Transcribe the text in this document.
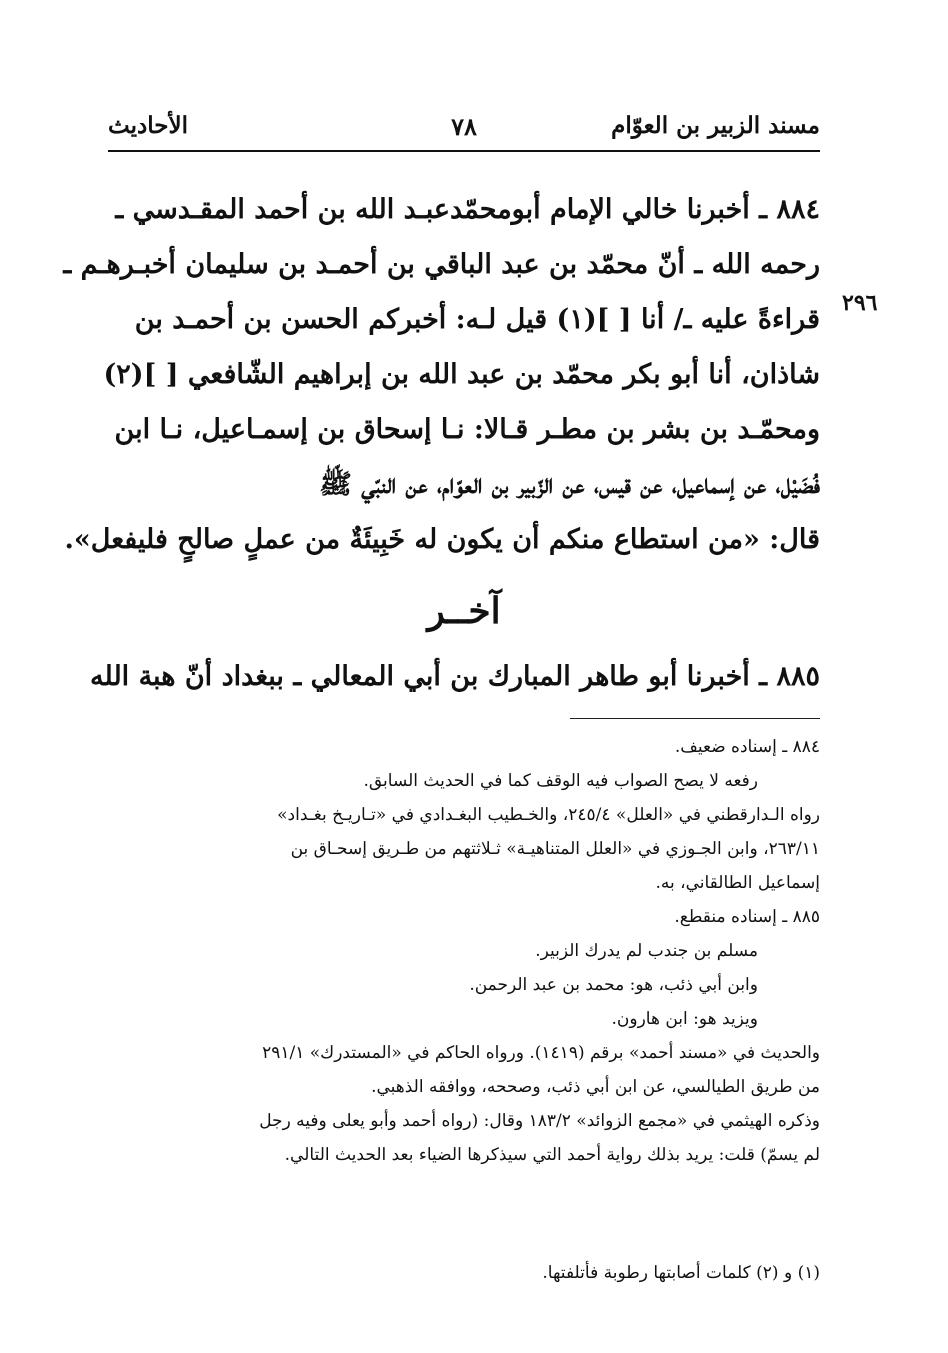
مسند الزبير بن العوّام
٧٨
الأحاديث
٨٨٤ ـ أخبرنا خالي الإمام أبومحمّدعبـد الله بن أحمد المقـدسي ـ
رحمه الله ـ أنّ محمّد بن عبد الباقي بن أحمـد بن سليمان أخبـرهـم ـ
قراءةً عليه ـ/ أنا [ ](١) قيل لـه: أخبركم الحسن بن أحمـد بن
شاذان، أنا أبو بكر محمّد بن عبد الله بن إبراهيم الشّافعي [ ](٢)
ومحمّـد بن بشر بن مطـر قـالا: نـا إسحاق بن إسمـاعيل، نـا ابن
فُضَيْل، عن إسماعيل، عن قيس، عن الزّبير بن العوّام، عن النبّي ﷺ
قال: «من استطاع منكم أن يكون له خَبِيئَةٌ من عملٍ صالحٍ فليفعل».
٢٩٦
آخــر
٨٨٥ ـ أخبرنا أبو طاهر المبارك بن أبي المعالي ـ ببغداد أنّ هبة الله
٨٨٤ ـ إسناده ضعيف.
رفعه لا يصح الصواب فيه الوقف كما في الحديث السابق.
رواه الـدارقطني في «العلل» ٢٤٥/٤، والخـطيب البغـدادي في «تـاريـخ بغـداد»
٢٦٣/١١، وابن الجـوزي في «العلل المتناهيـة» ثـلاثتهم من طـريق إسحـاق بن
إسماعيل الطالقاني، به.
٨٨٥ ـ إسناده منقطع.
مسلم بن جندب لم يدرك الزبير.
وابن أبي ذئب، هو: محمد بن عبد الرحمن.
ويزيد هو: ابن هارون.
والحديث في «مسند أحمد» برقم (١٤١٩). ورواه الحاكم في «المستدرك» ٢٩١/١
من طريق الطيالسي، عن ابن أبي ذئب، وصححه، ووافقه الذهبي.
وذكره الهيثمي في «مجمع الزوائد» ١٨٣/٢ وقال: (رواه أحمد وأبو يعلى وفيه رجل
لم يسمّ) قلت: يريد بذلك رواية أحمد التي سيذكرها الضياء بعد الحديث التالي.
(١) و (٢) كلمات أصابتها رطوبة فأتلفتها.
